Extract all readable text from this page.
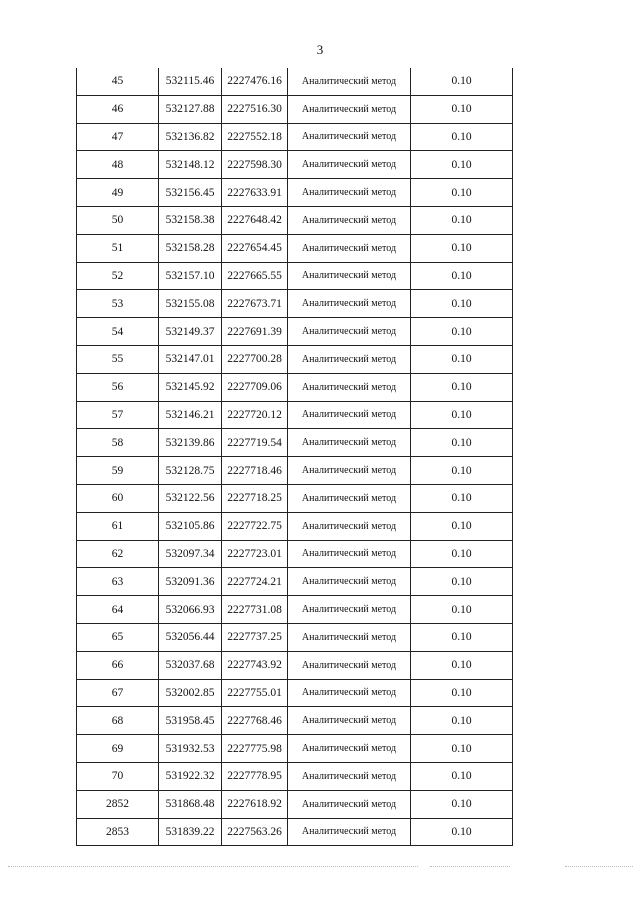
3
45	532115.46	2227476.16	Аналитический метод	0.10
46	532127.88	2227516.30	Аналитический метод	0.10
47	532136.82	2227552.18	Аналитический метод	0.10
48	532148.12	2227598.30	Аналитический метод	0.10
49	532156.45	2227633.91	Аналитический метод	0.10
50	532158.38	2227648.42	Аналитический метод	0.10
51	532158.28	2227654.45	Аналитический метод	0.10
52	532157.10	2227665.55	Аналитический метод	0.10
53	532155.08	2227673.71	Аналитический метод	0.10
54	532149.37	2227691.39	Аналитический метод	0.10
55	532147.01	2227700.28	Аналитический метод	0.10
56	532145.92	2227709.06	Аналитический метод	0.10
57	532146.21	2227720.12	Аналитический метод	0.10
58	532139.86	2227719.54	Аналитический метод	0.10
59	532128.75	2227718.46	Аналитический метод	0.10
60	532122.56	2227718.25	Аналитический метод	0.10
61	532105.86	2227722.75	Аналитический метод	0.10
62	532097.34	2227723.01	Аналитический метод	0.10
63	532091.36	2227724.21	Аналитический метод	0.10
64	532066.93	2227731.08	Аналитический метод	0.10
65	532056.44	2227737.25	Аналитический метод	0.10
66	532037.68	2227743.92	Аналитический метод	0.10
67	532002.85	2227755.01	Аналитический метод	0.10
68	531958.45	2227768.46	Аналитический метод	0.10
69	531932.53	2227775.98	Аналитический метод	0.10
70	531922.32	2227778.95	Аналитический метод	0.10
2852	531868.48	2227618.92	Аналитический метод	0.10
2853	531839.22	2227563.26	Аналитический метод	0.10
